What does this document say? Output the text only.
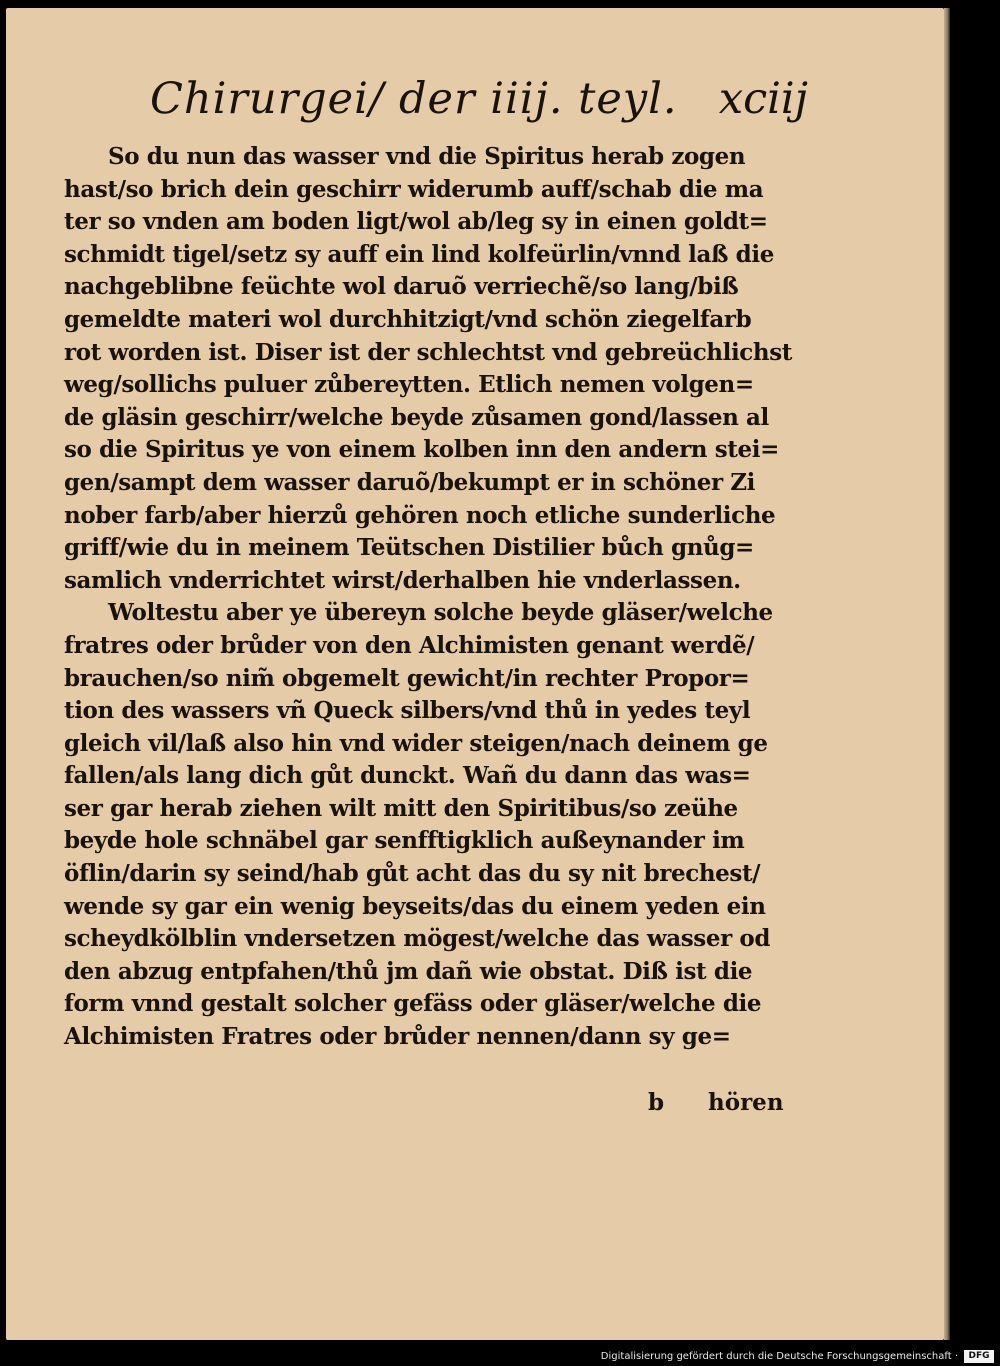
Chirurgei/ der iiij. teyl. xciij
So du nun das wasser vnd die Spiritus herab zogen
hast/so brich dein geschirr widerumb auff/schab die ma
ter so vnden am boden ligt/wol ab/leg sy in einen goldt=
schmidt tigel/setz sy auff ein lind kolfeürlin/vnnd laß die
nachgeblibne feüchte wol daruõ verriechẽ/so lang/biß
gemeldte materi wol durchhitzigt/vnd schön ziegelfarb
rot worden ist. Diser ist der schlechtst vnd gebreüchlichst
weg/sollichs puluer zůbereytten. Etlich nemen volgen=
de gläsin geschirr/welche beyde zůsamen gond/lassen al
so die Spiritus ye von einem kolben inn den andern stei=
gen/sampt dem wasser daruõ/bekumpt er in schöner Zi
nober farb/aber hierzů gehören noch etliche sunderliche
griff/wie du in meinem Teütschen Distilier bůch gnůg=
samlich vnderrichtet wirst/derhalben hie vnderlassen.
Woltestu aber ye übereyn solche beyde gläser/welche
fratres oder brůder von den Alchimisten genant werdẽ/
brauchen/so nim̃ obgemelt gewicht/in rechter Propor=
tion des wassers vñ Queck silbers/vnd thů in yedes teyl
gleich vil/laß also hin vnd wider steigen/nach deinem ge
fallen/als lang dich gůt dunckt. Wañ du dann das was=
ser gar herab ziehen wilt mitt den Spiritibus/so zeühe
beyde hole schnäbel gar senfftigklich außeynander im
öflin/darin sy seind/hab gůt acht das du sy nit brechest/
wende sy gar ein wenig beyseits/das du einem yeden ein
scheydkölblin vndersetzen mögest/welche das wasser od
den abzug entpfahen/thů jm dañ wie obstat. Diß ist die
form vnnd gestalt solcher gefäss oder gläser/welche die
Alchimisten Fratres oder brůder nennen/dann sy ge=
b hören
Digitalisierung gefördert durch die Deutsche Forschungsgemeinschaft ·	DFG
